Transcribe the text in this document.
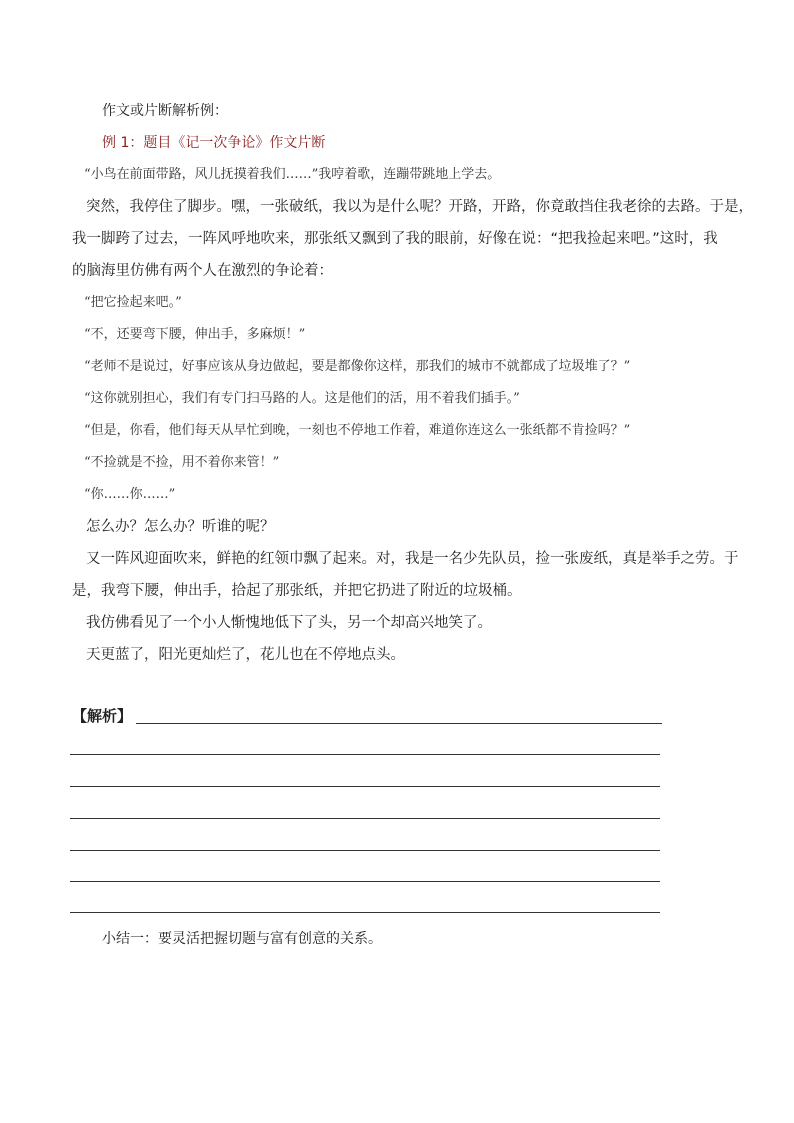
作文或片断解析例：
例 1：题目《记一次争论》作文片断
“小鸟在前面带路，风儿抚摸着我们……”我哼着歌，连蹦带跳地上学去。
突然，我停住了脚步。嘿，一张破纸，我以为是什么呢？开路，开路，你竟敢挡住我老徐的去路。于是，
我一脚跨了过去，一阵风呼地吹来，那张纸又飘到了我的眼前，好像在说：“把我捡起来吧。”这时，我
的脑海里仿佛有两个人在激烈的争论着：
“把它捡起来吧。”
“不，还要弯下腰，伸出手，多麻烦！”
“老师不是说过，好事应该从身边做起，要是都像你这样，那我们的城市不就都成了垃圾堆了？”
“这你就别担心，我们有专门扫马路的人。这是他们的活，用不着我们插手。”
“但是，你看，他们每天从早忙到晚，一刻也不停地工作着，难道你连这么一张纸都不肯捡吗？”
“不捡就是不捡，用不着你来管！”
“你……你……”
怎么办？怎么办？听谁的呢？
又一阵风迎面吹来，鲜艳的红领巾飘了起来。对，我是一名少先队员，捡一张废纸，真是举手之劳。于
是，我弯下腰，伸出手，拾起了那张纸，并把它扔进了附近的垃圾桶。
我仿佛看见了一个小人惭愧地低下了头，另一个却高兴地笑了。
天更蓝了，阳光更灿烂了，花儿也在不停地点头。
【解析】
小结一：要灵活把握切题与富有创意的关系。
